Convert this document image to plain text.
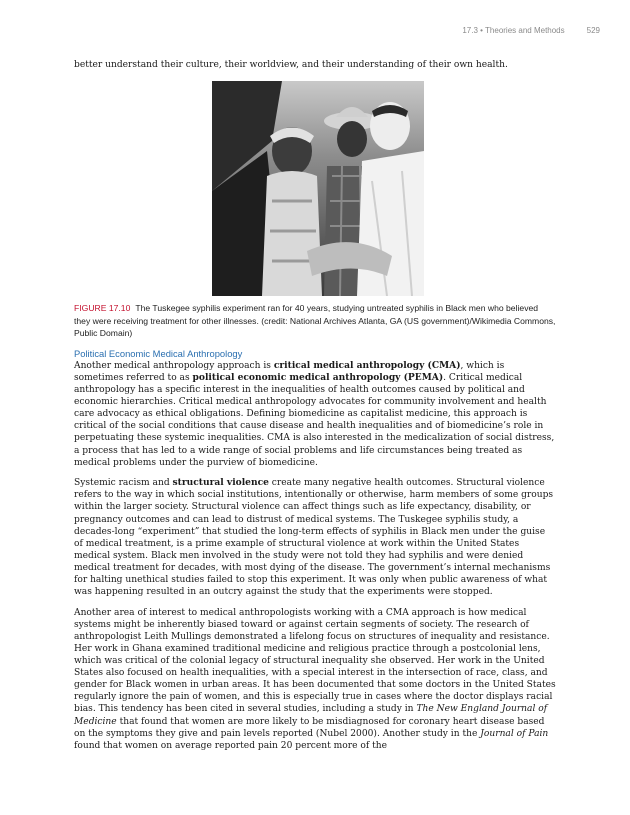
17.3 • Theories and Methods	529

better understand their culture, their worldview, and their understanding of their own health.

FIGURE 17.10 The Tuskegee syphilis experiment ran for 40 years, studying untreated syphilis in Black men who believed they were receiving treatment for other illnesses. (credit: National Archives Atlanta, GA (US government)/Wikimedia Commons, Public Domain)
Political Economic Medical Anthropology

Another medical anthropology approach is critical medical anthropology (CMA), which is sometimes referred to as political economic medical anthropology (PEMA). Critical medical anthropology has a specific interest in the inequalities of health outcomes caused by political and economic hierarchies. Critical medical anthropology advocates for community involvement and health care advocacy as ethical obligations. Defining biomedicine as capitalist medicine, this approach is critical of the social conditions that cause disease and health inequalities and of biomedicine’s role in perpetuating these systemic inequalities. CMA is also interested in the medicalization of social distress, a process that has led to a wide range of social problems and life circumstances being treated as medical problems under the purview of biomedicine.

Systemic racism and structural violence create many negative health outcomes. Structural violence refers to the way in which social institutions, intentionally or otherwise, harm members of some groups within the larger society. Structural violence can affect things such as life expectancy, disability, or pregnancy outcomes and can lead to distrust of medical systems. The Tuskegee syphilis study, a decades-long “experiment” that studied the long-term effects of syphilis in Black men under the guise of medical treatment, is a prime example of structural violence at work within the United States medical system. Black men involved in the study were not told they had syphilis and were denied medical treatment for decades, with most dying of the disease. The government’s internal mechanisms for halting unethical studies failed to stop this experiment. It was only when public awareness of what was happening resulted in an outcry against the study that the experiments were stopped.

Another area of interest to medical anthropologists working with a CMA approach is how medical systems might be inherently biased toward or against certain segments of society. The research of anthropologist Leith Mullings demonstrated a lifelong focus on structures of inequality and resistance. Her work in Ghana examined traditional medicine and religious practice through a postcolonial lens, which was critical of the colonial legacy of structural inequality she observed. Her work in the United States also focused on health inequalities, with a special interest in the intersection of race, class, and gender for Black women in urban areas. It has been documented that some doctors in the United States regularly ignore the pain of women, and this is especially true in cases where the doctor displays racial bias. This tendency has been cited in several studies, including a study in The New England Journal of Medicine that found that women are more likely to be misdiagnosed for coronary heart disease based on the symptoms they give and pain levels reported (Nubel 2000). Another study in the Journal of Pain found that women on average reported pain 20 percent more of the
